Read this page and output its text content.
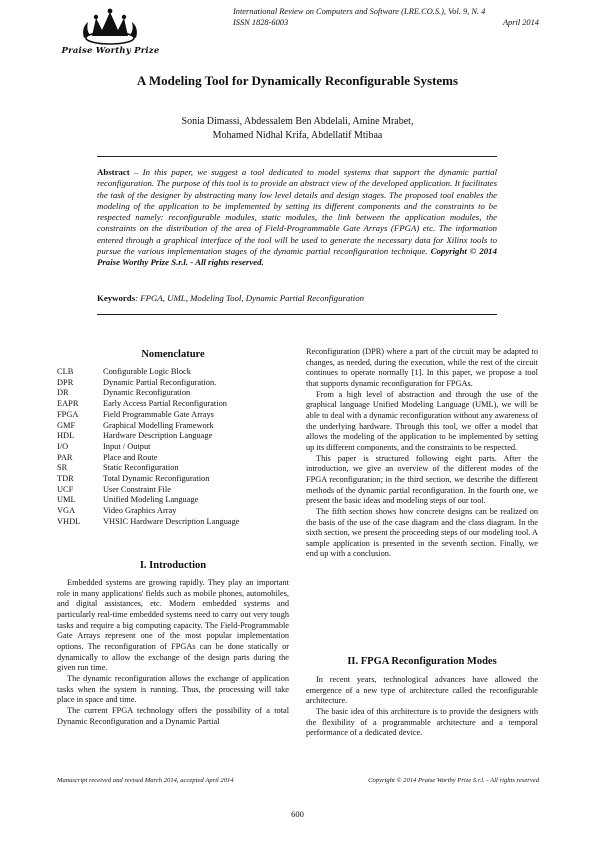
Praise Worthy Prize
International Review on Computers and Software (I.RE.CO.S.), Vol. 9, N. 4
ISSN 1828-6003	April 2014
A Modeling Tool for Dynamically Reconfigurable Systems
Sonia Dimassi, Abdessalem Ben Abdelali, Amine Mrabet,
Mohamed Nidhal Krifa, Abdellatif Mtibaa
Abstract – In this paper, we suggest a tool dedicated to model systems that support the dynamic partial reconfiguration. The purpose of this tool is to provide an abstract view of the developed application. It facilitates the task of the designer by abstracting many low level details and design stages. The proposed tool enables the modeling of the application to be implemented by setting its different components and the constraints to be respected namely: reconfigurable modules, static modules, the link between the application modules, the constraints on the distribution of the area of Field-Programmable Gate Arrays (FPGA) etc. The information entered through a graphical interface of the tool will be used to generate the necessary data for Xilinx tools to pursue the various implementation stages of the dynamic partial reconfiguration technique. Copyright © 2014 Praise Worthy Prize S.r.l. - All rights reserved.
Keywords: FPGA, UML, Modeling Tool, Dynamic Partial Reconfiguration
Nomenclature
CLB	Configurable Logic Block
DPR	Dynamic Partial Reconfiguration.
DR	Dynamic Reconfiguration
EAPR	Early Access Partial Reconfiguration
FPGA	Field Programmable Gate Arrays
GMF	Graphical Modelling Framework
HDL	Hardware Description Language
I/O	Input / Output
PAR	Place and Route
SR	Static Reconfiguration
TDR	Total Dynamic Reconfiguration
UCF	User Constraint File
UML	Unified Modeling Language
VGA	Video Graphics Array
VHDL	VHSIC Hardware Description Language
I. Introduction

Embedded systems are growing rapidly. They play an important role in many applications' fields such as mobile phones, automobiles, and digital assistances, etc. Modern embedded systems and particularly real-time embedded systems need to carry out very tough tasks and require a big computing capacity. The Field-Programmable Gate Arrays represent one of the most popular implementation options. The reconfiguration of FPGAs can be done statically or dynamically to allow the exchange of the design parts during the given run time.

The dynamic reconfiguration allows the exchange of application tasks when the system is running. Thus, the processing will take place in space and time.

The current FPGA technology offers the possibility of a total Dynamic Reconfiguration and a Dynamic Partial

Reconfiguration (DPR) where a part of the circuit may be adapted to changes, as needed, during the execution, while the rest of the circuit continues to operate normally [1]. In this paper, we propose a tool that supports dynamic reconfiguration for FPGAs.

From a high level of abstraction and through the use of the graphical language Unified Modeling Language (UML), we will be able to deal with a dynamic reconfiguration without any awareness of the underlying hardware. Through this tool, we offer a model that allows the modeling of the application to be implemented by setting up its different components, and the constraints to be respected.

This paper is structured following eight parts. After the introduction, we give an overview of the different modes of the FPGA reconfiguration; in the third section, we describe the different methods of the dynamic partial reconfiguration. In the fourth one, we present the basic ideas and modeling steps of our tool.

The fifth section shows how concrete designs can be realized on the basis of the use of the case diagram and the class diagram. In the sixth section, we present the proceeding steps of our modeling tool. A sample application is presented in the seventh section. Finally, we end up with a conclusion.

II. FPGA Reconfiguration Modes

In recent years, technological advances have allowed the emergence of a new type of architecture called the reconfigurable architecture.

The basic idea of this architecture is to provide the designers with the flexibility of a programmable architecture and a temporal performance of a dedicated device.

Manuscript received and revised March 2014, accepted April 2014	Copyright © 2014 Praise Worthy Prize S.r.l. - All rights reserved
600
